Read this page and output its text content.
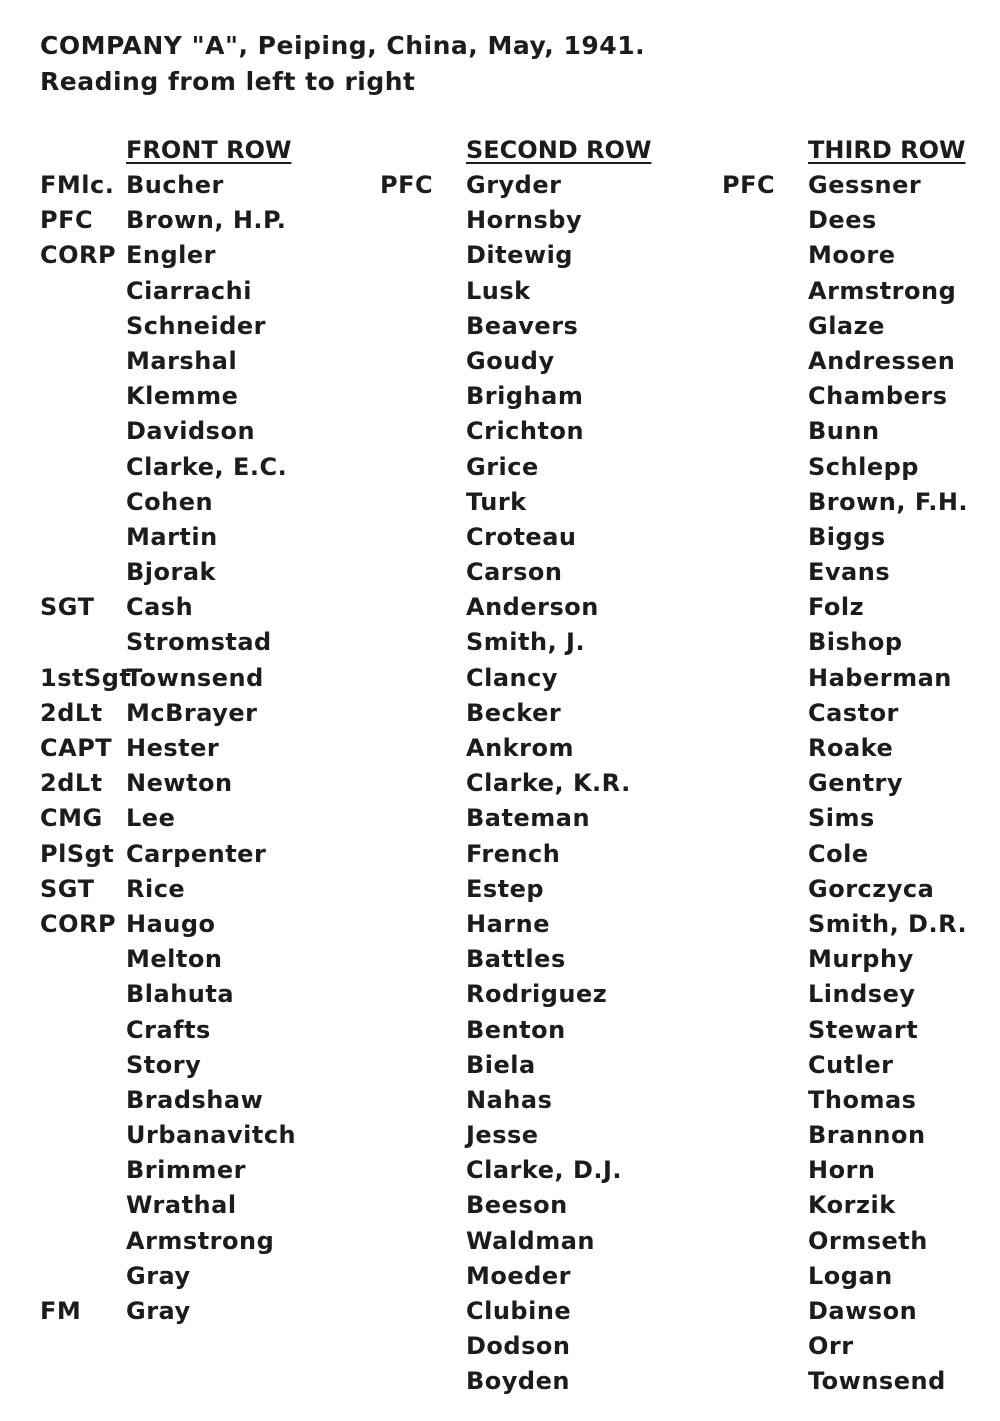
COMPANY "A", Peiping, China, May, 1941.
Reading from left to right
FRONT ROW
FMlc. Bucher
PFC Brown, H.P.
CORP Engler
Ciarrachi
Schneider
Marshal
Klemme
Davidson
Clarke, E.C.
Cohen
Martin
Bjorak
SGT Cash
Stromstad
1stSgt
Townsend
2dLt McBrayer
CAPT Hester
2dLt Newton
CMG Lee
PlSgt Carpenter
SGT Rice
CORP Haugo
Melton
Blahuta
Crafts
Story
Bradshaw
Urbanavitch
Brimmer
Wrathal
Armstrong
Gray
FM Gray
SECOND ROW
PFC Gryder
Hornsby
Ditewig
Lusk
Beavers
Goudy
Brigham
Crichton
Grice
Turk
Croteau
Carson
Anderson
Smith, J.
Clancy
Becker
Ankrom
Clarke, K.R.
Bateman
French
Estep
Harne
Battles
Rodriguez
Benton
Biela
Nahas
Jesse
Clarke, D.J.
Beeson
Waldman
Moeder
Clubine
Dodson
Boyden
THIRD ROW
PFC Gessner
Dees
Moore
Armstrong
Glaze
Andressen
Chambers
Bunn
Schlepp
Brown, F.H.
Biggs
Evans
Folz
Bishop
Haberman
Castor
Roake
Gentry
Sims
Cole
Gorczyca
Smith, D.R.
Murphy
Lindsey
Stewart
Cutler
Thomas
Brannon
Horn
Korzik
Ormseth
Logan
Dawson
Orr
Townsend
